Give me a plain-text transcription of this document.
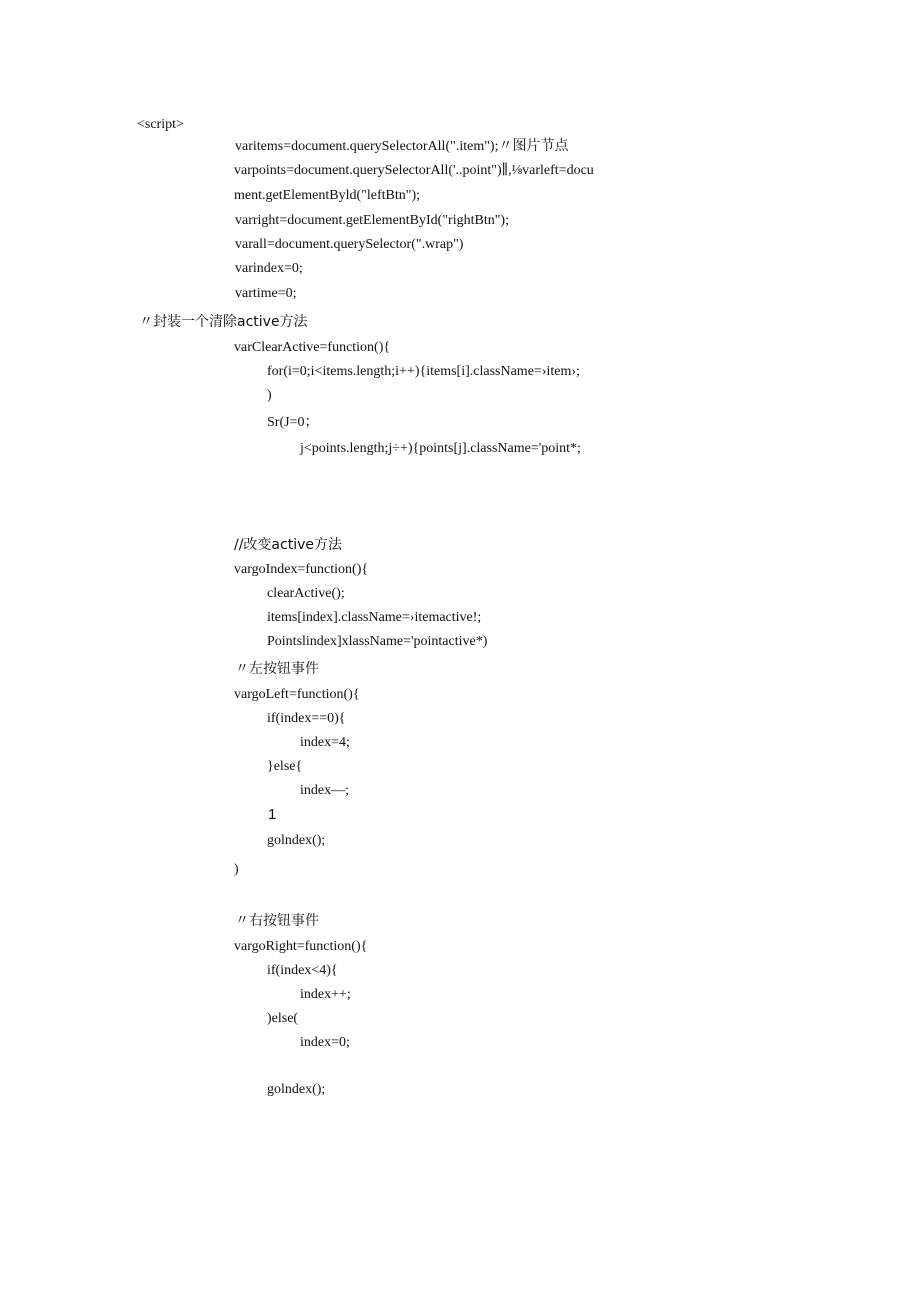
<script>

varitems=document.querySelectorAll(".item");〃图片节点

varpoints=document.querySelectorAll('..point")∥,⅛varleft=docu

ment.getElementByld("leftBtn");

varright=document.getElementById("rightBtn");

varall=document.querySelector(".wrap")

varindex=0;

vartime=0;

〃封装一个清除active方法

varClearActive=function(){

for(i=0;i<items.length;i++){items[i].className=›item›;

)

Sr(J=0；

j<points.length;j÷+){points[j].className='point*;

//改变active方法

vargoIndex=function(){

clearActive();

items[index].className=›itemactive!;

Pointslindex]xlassName='pointactive*)

〃左按钮事件

vargoLeft=function(){

if(index==0){

index=4;

}else{

index—;

1

golndex();

)

〃右按钮事件

vargoRight=function(){

if(index<4){

index++;

)else(

index=0;

golndex();
